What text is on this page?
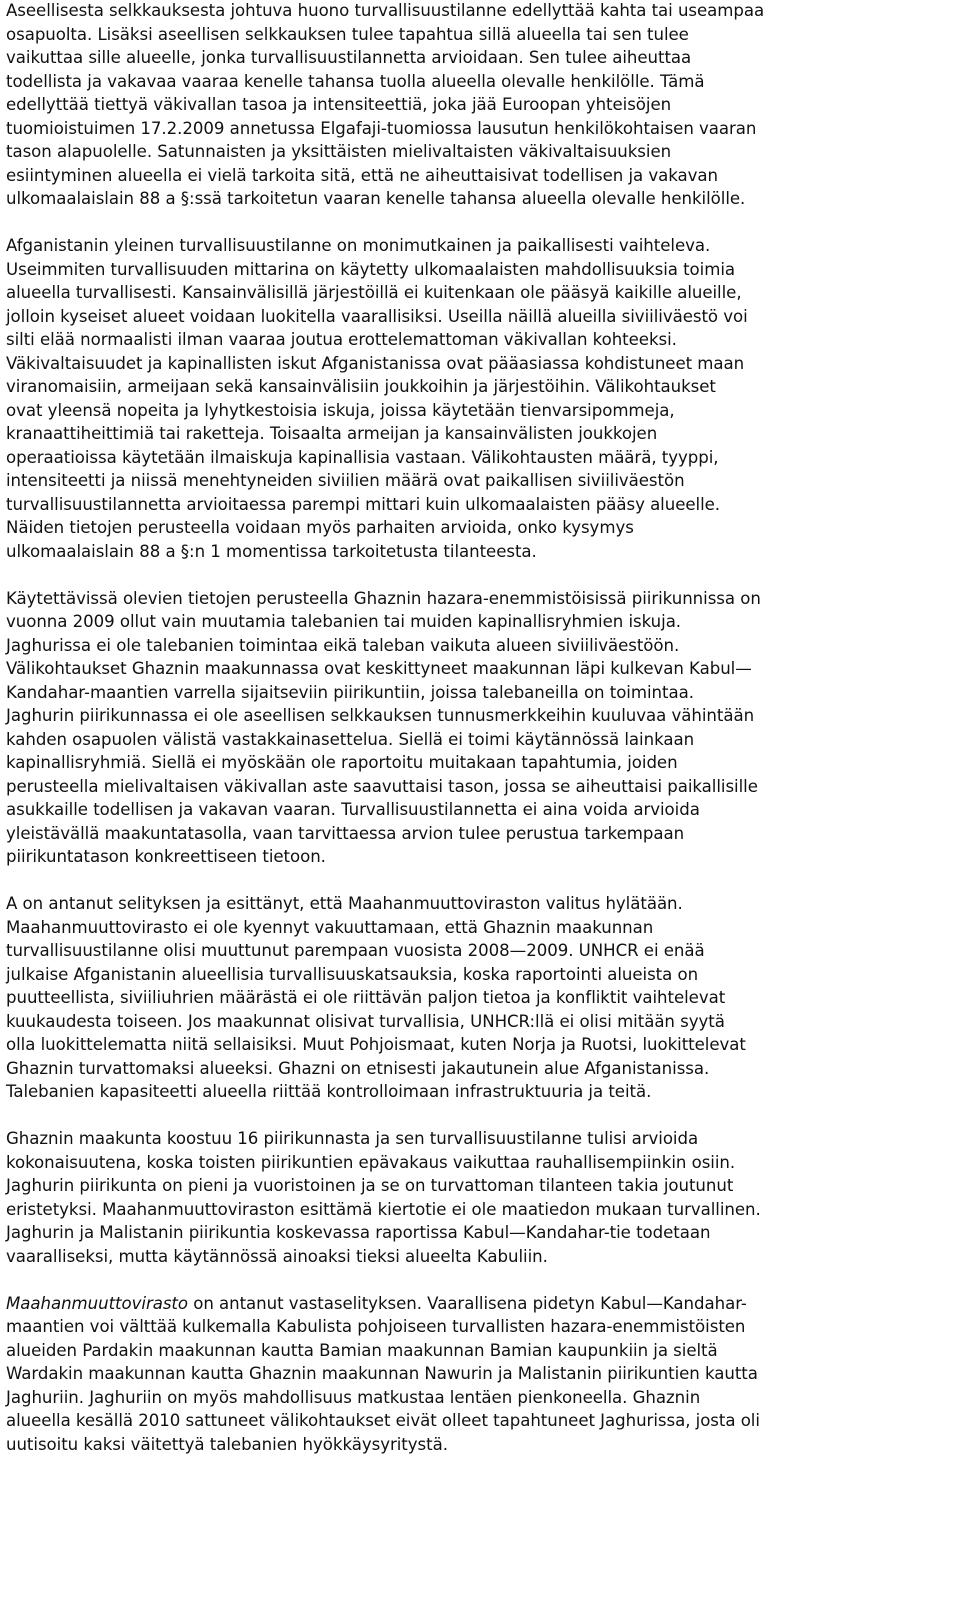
Aseellisesta selkkauksesta johtuva huono turvallisuustilanne edellyttää kahta tai useampaa
osapuolta. Lisäksi aseellisen selkkauksen tulee tapahtua sillä alueella tai sen tulee
vaikuttaa sille alueelle, jonka turvallisuustilannetta arvioidaan. Sen tulee aiheuttaa
todellista ja vakavaa vaaraa kenelle tahansa tuolla alueella olevalle henkilölle. Tämä
edellyttää tiettyä väkivallan tasoa ja intensiteettiä, joka jää Euroopan yhteisöjen
tuomioistuimen 17.2.2009 annetussa Elgafaji-tuomiossa lausutun henkilökohtaisen vaaran
tason alapuolelle. Satunnaisten ja yksittäisten mielivaltaisten väkivaltaisuuksien
esiintyminen alueella ei vielä tarkoita sitä, että ne aiheuttaisivat todellisen ja vakavan
ulkomaalaislain 88 a §:ssä tarkoitetun vaaran kenelle tahansa alueella olevalle henkilölle.

Afganistanin yleinen turvallisuustilanne on monimutkainen ja paikallisesti vaihteleva.
Useimmiten turvallisuuden mittarina on käytetty ulkomaalaisten mahdollisuuksia toimia
alueella turvallisesti. Kansainvälisillä järjestöillä ei kuitenkaan ole pääsyä kaikille alueille,
jolloin kyseiset alueet voidaan luokitella vaarallisiksi. Useilla näillä alueilla siviiliväestö voi
silti elää normaalisti ilman vaaraa joutua erottelemattoman väkivallan kohteeksi.
Väkivaltaisuudet ja kapinallisten iskut Afganistanissa ovat pääasiassa kohdistuneet maan
viranomaisiin, armeijaan sekä kansainvälisiin joukkoihin ja järjestöihin. Välikohtaukset
ovat yleensä nopeita ja lyhytkestoisia iskuja, joissa käytetään tienvarsipommeja,
kranaattiheittimiä tai raketteja. Toisaalta armeijan ja kansainvälisten joukkojen
operaatioissa käytetään ilmaiskuja kapinallisia vastaan. Välikohtausten määrä, tyyppi,
intensiteetti ja niissä menehtyneiden siviilien määrä ovat paikallisen siviiliväestön
turvallisuustilannetta arvioitaessa parempi mittari kuin ulkomaalaisten pääsy alueelle.
Näiden tietojen perusteella voidaan myös parhaiten arvioida, onko kysymys
ulkomaalaislain 88 a §:n 1 momentissa tarkoitetusta tilanteesta.

Käytettävissä olevien tietojen perusteella Ghaznin hazara-enemmistöisissä piirikunnissa on
vuonna 2009 ollut vain muutamia talebanien tai muiden kapinallisryhmien iskuja.
Jaghurissa ei ole talebanien toimintaa eikä taleban vaikuta alueen siviiliväestöön.
Välikohtaukset Ghaznin maakunnassa ovat keskittyneet maakunnan läpi kulkevan Kabul—
Kandahar-maantien varrella sijaitseviin piirikuntiin, joissa talebaneilla on toimintaa.
Jaghurin piirikunnassa ei ole aseellisen selkkauksen tunnusmerkkeihin kuuluvaa vähintään
kahden osapuolen välistä vastakkainasettelua. Siellä ei toimi käytännössä lainkaan
kapinallisryhmiä. Siellä ei myöskään ole raportoitu muitakaan tapahtumia, joiden
perusteella mielivaltaisen väkivallan aste saavuttaisi tason, jossa se aiheuttaisi paikallisille
asukkaille todellisen ja vakavan vaaran. Turvallisuustilannetta ei aina voida arvioida
yleistävällä maakuntatasolla, vaan tarvittaessa arvion tulee perustua tarkempaan
piirikuntatason konkreettiseen tietoon.

A on antanut selityksen ja esittänyt, että Maahanmuuttoviraston valitus hylätään.
Maahanmuuttovirasto ei ole kyennyt vakuuttamaan, että Ghaznin maakunnan
turvallisuustilanne olisi muuttunut parempaan vuosista 2008—2009. UNHCR ei enää
julkaise Afganistanin alueellisia turvallisuuskatsauksia, koska raportointi alueista on
puutteellista, siviiliuhrien määrästä ei ole riittävän paljon tietoa ja konfliktit vaihtelevat
kuukaudesta toiseen. Jos maakunnat olisivat turvallisia, UNHCR:llä ei olisi mitään syytä
olla luokittelematta niitä sellaisiksi. Muut Pohjoismaat, kuten Norja ja Ruotsi, luokittelevat
Ghaznin turvattomaksi alueeksi. Ghazni on etnisesti jakautunein alue Afganistanissa.
Talebanien kapasiteetti alueella riittää kontrolloimaan infrastruktuuria ja teitä.

Ghaznin maakunta koostuu 16 piirikunnasta ja sen turvallisuustilanne tulisi arvioida
kokonaisuutena, koska toisten piirikuntien epävakaus vaikuttaa rauhallisempiinkin osiin.
Jaghurin piirikunta on pieni ja vuoristoinen ja se on turvattoman tilanteen takia joutunut
eristetyksi. Maahanmuuttoviraston esittämä kiertotie ei ole maatiedon mukaan turvallinen.
Jaghurin ja Malistanin piirikuntia koskevassa raportissa Kabul—Kandahar-tie todetaan
vaaralliseksi, mutta käytännössä ainoaksi tieksi alueelta Kabuliin.

Maahanmuuttovirasto on antanut vastaselityksen. Vaarallisena pidetyn Kabul—Kandahar-
maantien voi välttää kulkemalla Kabulista pohjoiseen turvallisten hazara-enemmistöisten
alueiden Pardakin maakunnan kautta Bamian maakunnan Bamian kaupunkiin ja sieltä
Wardakin maakunnan kautta Ghaznin maakunnan Nawurin ja Malistanin piirikuntien kautta
Jaghuriin. Jaghuriin on myös mahdollisuus matkustaa lentäen pienkoneella. Ghaznin
alueella kesällä 2010 sattuneet välikohtaukset eivät olleet tapahtuneet Jaghurissa, josta oli
uutisoitu kaksi väitettyä talebanien hyökkäysyritystä.
